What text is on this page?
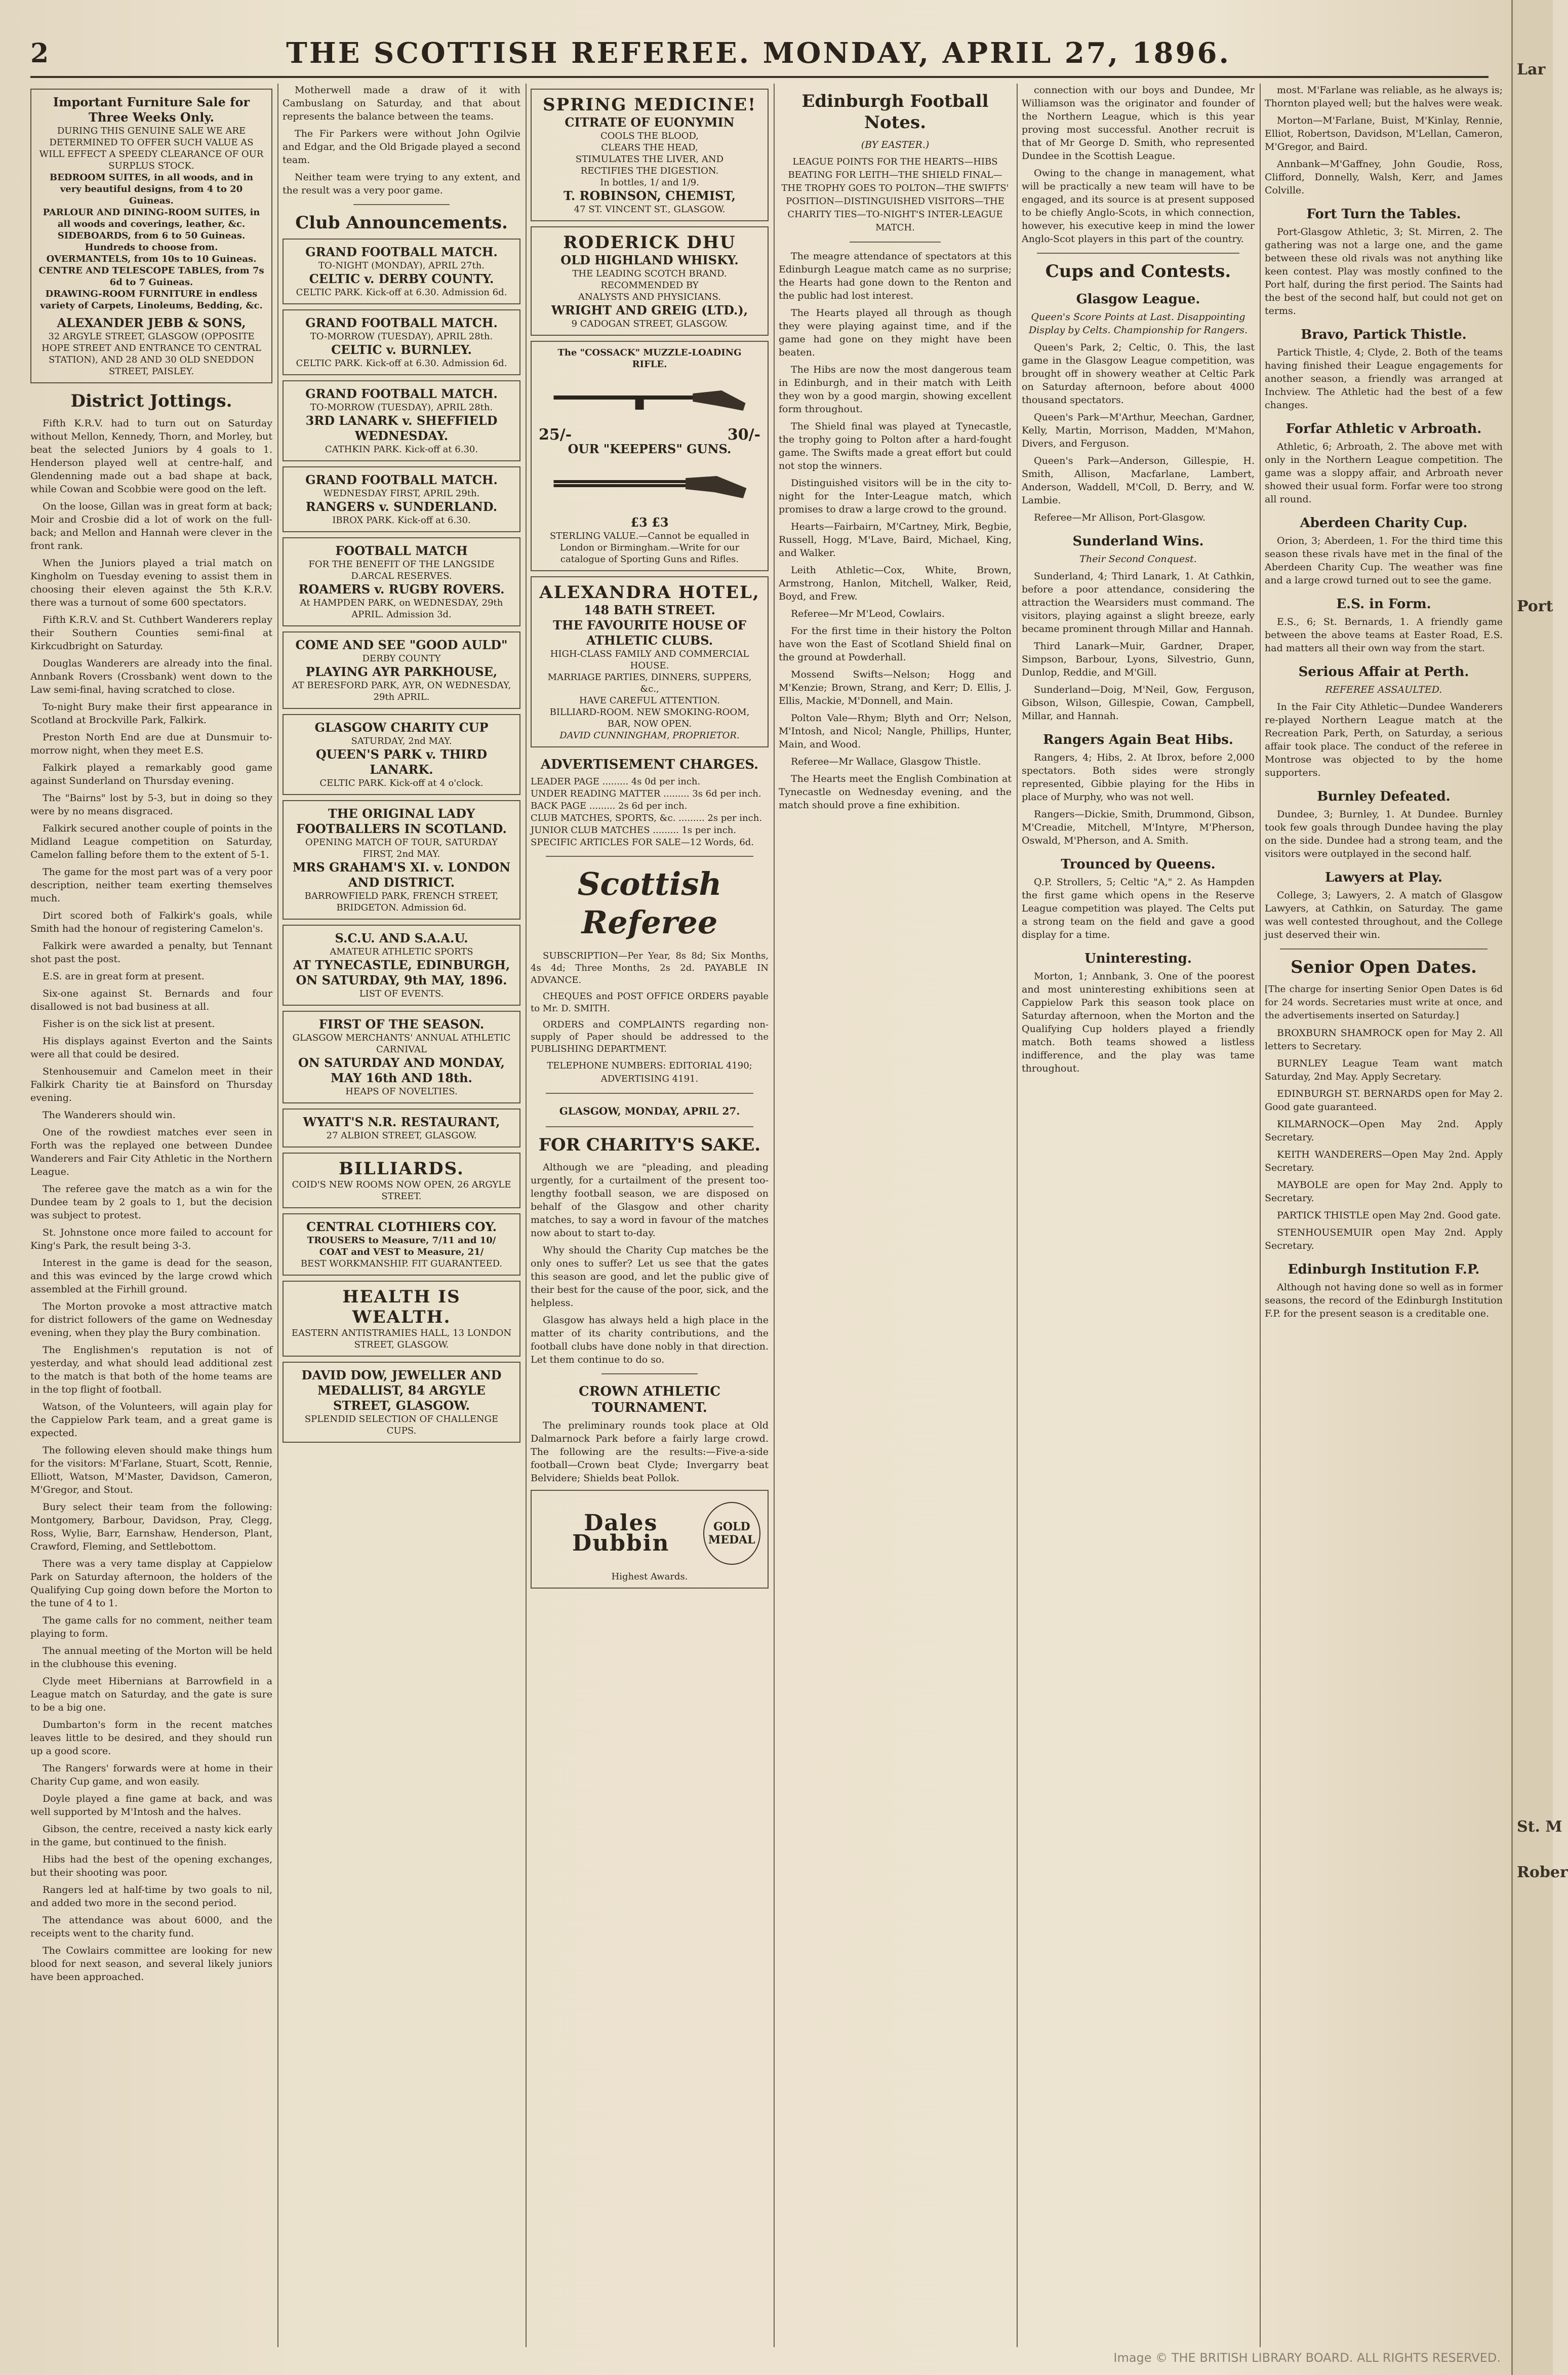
Lar
Port
St. M
Rober
2	THE SCOTTISH REFEREE. MONDAY, APRIL 27, 1896.
Important Furniture Sale for Three Weeks Only.
DURING THIS GENUINE SALE WE ARE DETERMINED TO OFFER SUCH VALUE AS WILL EFFECT A SPEEDY CLEARANCE OF OUR SURPLUS STOCK.
BEDROOM SUITES, in all woods, and in very beautiful designs, from 4 to 20 Guineas.
PARLOUR AND DINING-ROOM SUITES, in all woods and coverings, leather, &c.
SIDEBOARDS, from 6 to 50 Guineas. Hundreds to choose from.
OVERMANTELS, from 10s to 10 Guineas.
CENTRE AND TELESCOPE TABLES, from 7s 6d to 7 Guineas.
DRAWING-ROOM FURNITURE in endless variety of Carpets, Linoleums, Bedding, &c.
ALEXANDER JEBB & SONS,
32 ARGYLE STREET, GLASGOW (OPPOSITE HOPE STREET AND ENTRANCE TO CENTRAL STATION), AND 28 AND 30 OLD SNEDDON STREET, PAISLEY.
District Jottings.

Fifth K.R.V. had to turn out on Saturday without Mellon, Kennedy, Thorn, and Morley, but beat the selected Juniors by 4 goals to 1. Henderson played well at centre-half, and Glendenning made out a bad shape at back, while Cowan and Scobbie were good on the left.

On the loose, Gillan was in great form at back; Moir and Crosbie did a lot of work on the full-back; and Mellon and Hannah were clever in the front rank.

When the Juniors played a trial match on Kingholm on Tuesday evening to assist them in choosing their eleven against the 5th K.R.V. there was a turnout of some 600 spectators.

Fifth K.R.V. and St. Cuthbert Wanderers replay their Southern Counties semi-final at Kirkcudbright on Saturday.

Douglas Wanderers are already into the final. Annbank Rovers (Crossbank) went down to the Law semi-final, having scratched to close.

To-night Bury make their first appearance in Scotland at Brockville Park, Falkirk.

Preston North End are due at Dunsmuir to-morrow night, when they meet E.S.

Falkirk played a remarkably good game against Sunderland on Thursday evening.

The "Bairns" lost by 5-3, but in doing so they were by no means disgraced.

Falkirk secured another couple of points in the Midland League competition on Saturday, Camelon falling before them to the extent of 5-1.

The game for the most part was of a very poor description, neither team exerting themselves much.

Dirt scored both of Falkirk's goals, while Smith had the honour of registering Camelon's.

Falkirk were awarded a penalty, but Tennant shot past the post.

E.S. are in great form at present.

Six-one against St. Bernards and four disallowed is not bad business at all.

Fisher is on the sick list at present.

His displays against Everton and the Saints were all that could be desired.

Stenhousemuir and Camelon meet in their Falkirk Charity tie at Bainsford on Thursday evening.

The Wanderers should win.

One of the rowdiest matches ever seen in Forth was the replayed one between Dundee Wanderers and Fair City Athletic in the Northern League.

The referee gave the match as a win for the Dundee team by 2 goals to 1, but the decision was subject to protest.

St. Johnstone once more failed to account for King's Park, the result being 3-3.

Interest in the game is dead for the season, and this was evinced by the large crowd which assembled at the Firhill ground.

The Morton provoke a most attractive match for district followers of the game on Wednesday evening, when they play the Bury combination.

The Englishmen's reputation is not of yesterday, and what should lead additional zest to the match is that both of the home teams are in the top flight of football.

Watson, of the Volunteers, will again play for the Cappielow Park team, and a great game is expected.

The following eleven should make things hum for the visitors: M'Farlane, Stuart, Scott, Rennie, Elliott, Watson, M'Master, Davidson, Cameron, M'Gregor, and Stout.

Bury select their team from the following: Montgomery, Barbour, Davidson, Pray, Clegg, Ross, Wylie, Barr, Earnshaw, Henderson, Plant, Crawford, Fleming, and Settlebottom.

There was a very tame display at Cappielow Park on Saturday afternoon, the holders of the Qualifying Cup going down before the Morton to the tune of 4 to 1.

The game calls for no comment, neither team playing to form.

The annual meeting of the Morton will be held in the clubhouse this evening.

Clyde meet Hibernians at Barrowfield in a League match on Saturday, and the gate is sure to be a big one.

Dumbarton's form in the recent matches leaves little to be desired, and they should run up a good score.

The Rangers' forwards were at home in their Charity Cup game, and won easily.

Doyle played a fine game at back, and was well supported by M'Intosh and the halves.

Gibson, the centre, received a nasty kick early in the game, but continued to the finish.

Hibs had the best of the opening exchanges, but their shooting was poor.

Rangers led at half-time by two goals to nil, and added two more in the second period.

The attendance was about 6000, and the receipts went to the charity fund.

The Cowlairs committee are looking for new blood for next season, and several likely juniors have been approached.

Motherwell made a draw of it with Cambuslang on Saturday, and that about represents the balance between the teams.

The Fir Parkers were without John Ogilvie and Edgar, and the Old Brigade played a second team.

Neither team were trying to any extent, and the result was a very poor game.

Club Announcements.
GRAND FOOTBALL MATCH.
TO-NIGHT (MONDAY), APRIL 27th.
CELTIC v. DERBY COUNTY.
CELTIC PARK. Kick-off at 6.30. Admission 6d.
GRAND FOOTBALL MATCH.
TO-MORROW (TUESDAY), APRIL 28th.
CELTIC v. BURNLEY.
CELTIC PARK. Kick-off at 6.30. Admission 6d.
GRAND FOOTBALL MATCH.
TO-MORROW (TUESDAY), APRIL 28th.
3RD LANARK v. SHEFFIELD WEDNESDAY.
CATHKIN PARK. Kick-off at 6.30.
GRAND FOOTBALL MATCH.
WEDNESDAY FIRST, APRIL 29th.
RANGERS v. SUNDERLAND.
IBROX PARK. Kick-off at 6.30.
FOOTBALL MATCH
FOR THE BENEFIT OF THE LANGSIDE D.ARCAL RESERVES.
ROAMERS v. RUGBY ROVERS.
At HAMPDEN PARK, on WEDNESDAY, 29th APRIL. Admission 3d.
COME AND SEE "GOOD AULD"
DERBY COUNTY
PLAYING AYR PARKHOUSE,
AT BERESFORD PARK, AYR, ON WEDNESDAY, 29th APRIL.
GLASGOW CHARITY CUP
SATURDAY, 2nd MAY.
QUEEN'S PARK v. THIRD LANARK.
CELTIC PARK. Kick-off at 4 o'clock.
THE ORIGINAL LADY FOOTBALLERS IN SCOTLAND.
OPENING MATCH OF TOUR, SATURDAY FIRST, 2nd MAY.
MRS GRAHAM'S XI. v. LONDON AND DISTRICT.
BARROWFIELD PARK, FRENCH STREET, BRIDGETON. Admission 6d.
S.C.U. AND S.A.A.U.
AMATEUR ATHLETIC SPORTS
AT TYNECASTLE, EDINBURGH, ON SATURDAY, 9th MAY, 1896.
LIST OF EVENTS.
FIRST OF THE SEASON.
GLASGOW MERCHANTS' ANNUAL ATHLETIC CARNIVAL
ON SATURDAY AND MONDAY, MAY 16th AND 18th.
HEAPS OF NOVELTIES.
WYATT'S N.R. RESTAURANT,
27 ALBION STREET, GLASGOW.
BILLIARDS.
COID'S NEW ROOMS NOW OPEN, 26 ARGYLE STREET.
CENTRAL CLOTHIERS COY.
TROUSERS to Measure, 7/11 and 10/
COAT and VEST to Measure, 21/
BEST WORKMANSHIP. FIT GUARANTEED.
HEALTH IS WEALTH.
EASTERN ANTISTRAMIES HALL, 13 LONDON STREET, GLASGOW.
DAVID DOW, JEWELLER AND MEDALLIST, 84 ARGYLE STREET, GLASGOW.
SPLENDID SELECTION OF CHALLENGE CUPS.
SPRING MEDICINE!
CITRATE OF EUONYMIN
COOLS THE BLOOD,
CLEARS THE HEAD,
STIMULATES THE LIVER, AND
RECTIFIES THE DIGESTION.
In bottles, 1/ and 1/9.
T. ROBINSON, CHEMIST,
47 ST. VINCENT ST., GLASGOW.
RODERICK DHU
OLD HIGHLAND WHISKY.
THE LEADING SCOTCH BRAND.
RECOMMENDED BY
ANALYSTS AND PHYSICIANS.
WRIGHT AND GREIG (LTD.),
9 CADOGAN STREET, GLASGOW.
The "COSSACK" MUZZLE-LOADING RIFLE.
25/-	30/-
OUR "KEEPERS" GUNS.
£3 £3
STERLING VALUE.—Cannot be equalled in London or Birmingham.—Write for our catalogue of Sporting Guns and Rifles.
ALEXANDRA HOTEL,
148 BATH STREET.
THE FAVOURITE HOUSE OF ATHLETIC CLUBS.
HIGH-CLASS FAMILY AND COMMERCIAL HOUSE.
MARRIAGE PARTIES, DINNERS, SUPPERS, &c.,
HAVE CAREFUL ATTENTION.
BILLIARD-ROOM. NEW SMOKING-ROOM, BAR, NOW OPEN.
DAVID CUNNINGHAM, PROPRIETOR.
ADVERTISEMENT CHARGES.
LEADER PAGE ......... 4s 0d per inch.
UNDER READING MATTER ......... 3s 6d per inch.
BACK PAGE ......... 2s 6d per inch.
CLUB MATCHES, SPORTS, &c. ......... 2s per inch.
JUNIOR CLUB MATCHES ......... 1s per inch.
SPECIFIC ARTICLES FOR SALE—12 Words, 6d.
Scottish Referee

SUBSCRIPTION—Per Year, 8s 8d; Six Months, 4s 4d; Three Months, 2s 2d. PAYABLE IN ADVANCE.

CHEQUES and POST OFFICE ORDERS payable to Mr. D. SMITH.

ORDERS and COMPLAINTS regarding non-supply of Paper should be addressed to the PUBLISHING DEPARTMENT.

TELEPHONE NUMBERS: EDITORIAL 4190; ADVERTISING 4191.
GLASGOW, MONDAY, APRIL 27.
FOR CHARITY'S SAKE.

Although we are "pleading, and pleading urgently, for a curtailment of the present too-lengthy football season, we are disposed on behalf of the Glasgow and other charity matches, to say a word in favour of the matches now about to start to-day.

Why should the Charity Cup matches be the only ones to suffer? Let us see that the gates this season are good, and let the public give of their best for the cause of the poor, sick, and the helpless.

Glasgow has always held a high place in the matter of its charity contributions, and the football clubs have done nobly in that direction. Let them continue to do so.

CROWN ATHLETIC TOURNAMENT.

The preliminary rounds took place at Old Dalmarnock Park before a fairly large crowd. The following are the results:—Five-a-side football—Crown beat Clyde; Invergarry beat Belvidere; Shields beat Pollok.

Dales Dubbin
GOLD MEDAL
Highest Awards.
Edinburgh Football Notes.
(BY EASTER.)

LEAGUE POINTS FOR THE HEARTS—HIBS BEATING FOR LEITH—THE SHIELD FINAL—THE TROPHY GOES TO POLTON—THE SWIFTS' POSITION—DISTINGUISHED VISITORS—THE CHARITY TIES—TO-NIGHT'S INTER-LEAGUE MATCH.

The meagre attendance of spectators at this Edinburgh League match came as no surprise; the Hearts had gone down to the Renton and the public had lost interest.

The Hearts played all through as though they were playing against time, and if the game had gone on they might have been beaten.

The Hibs are now the most dangerous team in Edinburgh, and in their match with Leith they won by a good margin, showing excellent form throughout.

The Shield final was played at Tynecastle, the trophy going to Polton after a hard-fought game. The Swifts made a great effort but could not stop the winners.

Distinguished visitors will be in the city to-night for the Inter-League match, which promises to draw a large crowd to the ground.

Hearts—Fairbairn, M'Cartney, Mirk, Begbie, Russell, Hogg, M'Lave, Baird, Michael, King, and Walker.

Leith Athletic—Cox, White, Brown, Armstrong, Hanlon, Mitchell, Walker, Reid, Boyd, and Frew.

Referee—Mr M'Leod, Cowlairs.

For the first time in their history the Polton have won the East of Scotland Shield final on the ground at Powderhall.

Mossend Swifts—Nelson; Hogg and M'Kenzie; Brown, Strang, and Kerr; D. Ellis, J. Ellis, Mackie, M'Donnell, and Main.

Polton Vale—Rhym; Blyth and Orr; Nelson, M'Intosh, and Nicol; Nangle, Phillips, Hunter, Main, and Wood.

Referee—Mr Wallace, Glasgow Thistle.

The Hearts meet the English Combination at Tynecastle on Wednesday evening, and the match should prove a fine exhibition.

connection with our boys and Dundee, Mr Williamson was the originator and founder of the Northern League, which is this year proving most successful. Another recruit is that of Mr George D. Smith, who represented Dundee in the Scottish League.

Owing to the change in management, what will be practically a new team will have to be engaged, and its source is at present supposed to be chiefly Anglo-Scots, in which connection, however, his executive keep in mind the lower Anglo-Scot players in this part of the country.

Cups and Contests.
Glasgow League.
Queen's Score Points at Last. Disappointing Display by Celts. Championship for Rangers.

Queen's Park, 2; Celtic, 0. This, the last game in the Glasgow League competition, was brought off in showery weather at Celtic Park on Saturday afternoon, before about 4000 thousand spectators.

Queen's Park—M'Arthur, Meechan, Gardner, Kelly, Martin, Morrison, Madden, M'Mahon, Divers, and Ferguson.

Queen's Park—Anderson, Gillespie, H. Smith, Allison, Macfarlane, Lambert, Anderson, Waddell, M'Coll, D. Berry, and W. Lambie.

Referee—Mr Allison, Port-Glasgow.

Sunderland Wins.
Their Second Conquest.

Sunderland, 4; Third Lanark, 1. At Cathkin, before a poor attendance, considering the attraction the Wearsiders must command. The visitors, playing against a slight breeze, early became prominent through Millar and Hannah.

Third Lanark—Muir, Gardner, Draper, Simpson, Barbour, Lyons, Silvestrio, Gunn, Dunlop, Reddie, and M'Gill.

Sunderland—Doig, M'Neil, Gow, Ferguson, Gibson, Wilson, Gillespie, Cowan, Campbell, Millar, and Hannah.

Rangers Again Beat Hibs.

Rangers, 4; Hibs, 2. At Ibrox, before 2,000 spectators. Both sides were strongly represented, Gibbie playing for the Hibs in place of Murphy, who was not well.

Rangers—Dickie, Smith, Drummond, Gibson, M'Creadie, Mitchell, M'Intyre, M'Pherson, Oswald, M'Pherson, and A. Smith.

Trounced by Queens.

Q.P. Strollers, 5; Celtic "A," 2. As Hampden the first game which opens in the Reserve League competition was played. The Celts put a strong team on the field and gave a good display for a time.

Uninteresting.

Morton, 1; Annbank, 3. One of the poorest and most uninteresting exhibitions seen at Cappielow Park this season took place on Saturday afternoon, when the Morton and the Qualifying Cup holders played a friendly match. Both teams showed a listless indifference, and the play was tame throughout.

most. M'Farlane was reliable, as he always is; Thornton played well; but the halves were weak.

Morton—M'Farlane, Buist, M'Kinlay, Rennie, Elliot, Robertson, Davidson, M'Lellan, Cameron, M'Gregor, and Baird.

Annbank—M'Gaffney, John Goudie, Ross, Clifford, Donnelly, Walsh, Kerr, and James Colville.

Fort Turn the Tables.

Port-Glasgow Athletic, 3; St. Mirren, 2. The gathering was not a large one, and the game between these old rivals was not anything like keen contest. Play was mostly confined to the Port half, during the first period. The Saints had the best of the second half, but could not get on terms.

Bravo, Partick Thistle.

Partick Thistle, 4; Clyde, 2. Both of the teams having finished their League engagements for another season, a friendly was arranged at Inchview. The Athletic had the best of a few changes.

Forfar Athletic v Arbroath.

Athletic, 6; Arbroath, 2. The above met with only in the Northern League competition. The game was a sloppy affair, and Arbroath never showed their usual form. Forfar were too strong all round.

Aberdeen Charity Cup.

Orion, 3; Aberdeen, 1. For the third time this season these rivals have met in the final of the Aberdeen Charity Cup. The weather was fine and a large crowd turned out to see the game.

E.S. in Form.

E.S., 6; St. Bernards, 1. A friendly game between the above teams at Easter Road, E.S. had matters all their own way from the start.

Serious Affair at Perth.
REFEREE ASSAULTED.

In the Fair City Athletic—Dundee Wanderers re-played Northern League match at the Recreation Park, Perth, on Saturday, a serious affair took place. The conduct of the referee in Montrose was objected to by the home supporters.

Burnley Defeated.

Dundee, 3; Burnley, 1. At Dundee. Burnley took few goals through Dundee having the play on the side. Dundee had a strong team, and the visitors were outplayed in the second half.

Lawyers at Play.

College, 3; Lawyers, 2. A match of Glasgow Lawyers, at Cathkin, on Saturday. The game was well contested throughout, and the College just deserved their win.

Senior Open Dates.

[The charge for inserting Senior Open Dates is 6d for 24 words. Secretaries must write at once, and the advertisements inserted on Saturday.]

BROXBURN SHAMROCK open for May 2. All letters to Secretary.

BURNLEY League Team want match Saturday, 2nd May. Apply Secretary.

EDINBURGH ST. BERNARDS open for May 2. Good gate guaranteed.

KILMARNOCK—Open May 2nd. Apply Secretary.

KEITH WANDERERS—Open May 2nd. Apply Secretary.

MAYBOLE are open for May 2nd. Apply to Secretary.

PARTICK THISTLE open May 2nd. Good gate.

STENHOUSEMUIR open May 2nd. Apply Secretary.

Edinburgh Institution F.P.

Although not having done so well as in former seasons, the record of the Edinburgh Institution F.P. for the present season is a creditable one.

Image © THE BRITISH LIBRARY BOARD. ALL RIGHTS RESERVED.
